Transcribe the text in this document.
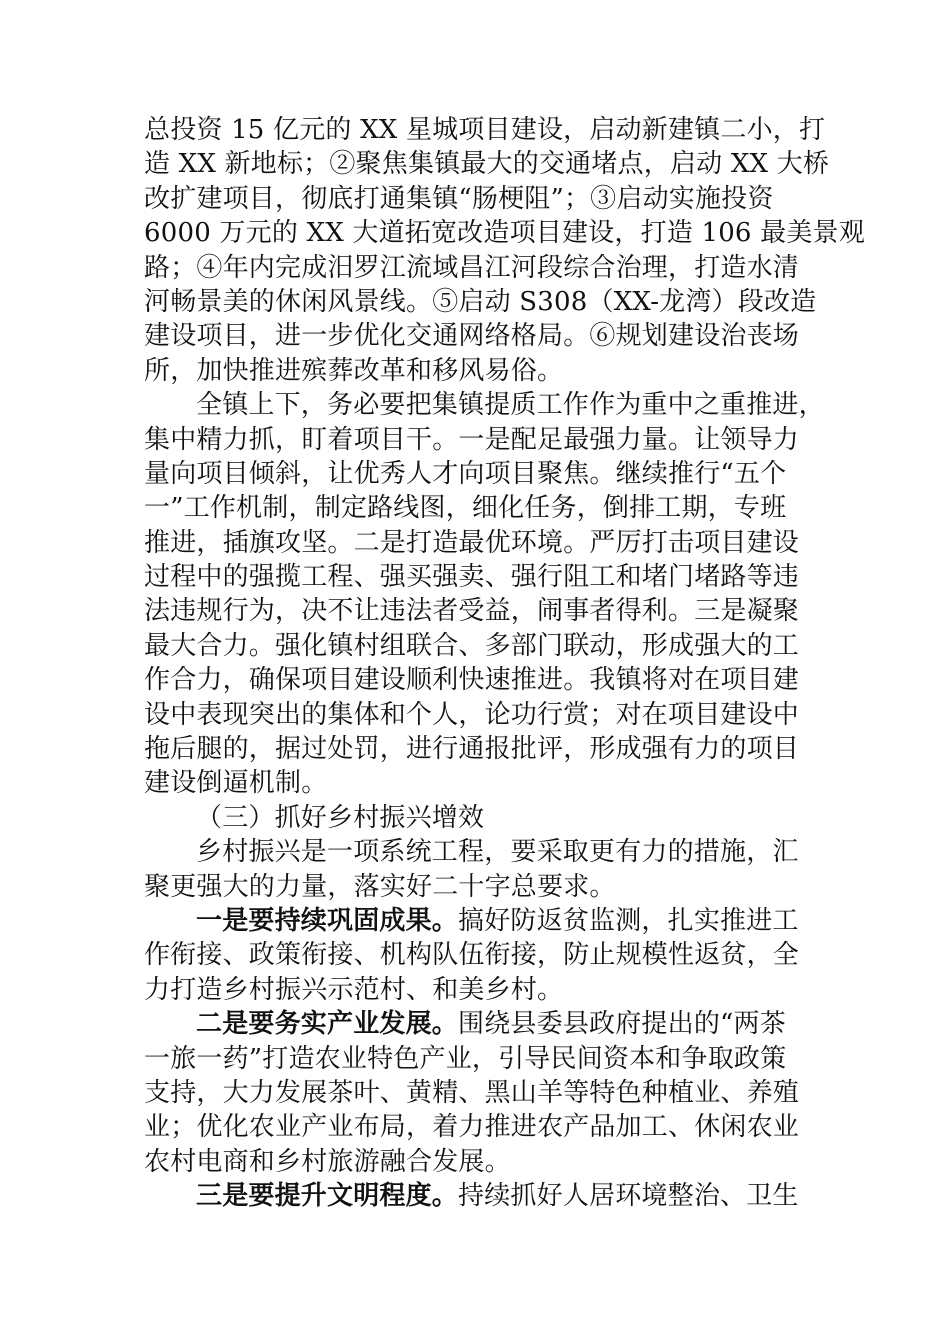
总投资 15 亿元的 XX 星城项目建设，启动新建镇二小，打
造 XX 新地标；②聚焦集镇最大的交通堵点，启动 XX 大桥
改扩建项目，彻底打通集镇“肠梗阻”；③启动实施投资
6000 万元的 XX 大道拓宽改造项目建设，打造 106 最美景观
路；④年内完成汨罗江流域昌江河段综合治理，打造水清
河畅景美的休闲风景线。⑤启动 S308（XX-龙湾）段改造
建设项目，进一步优化交通网络格局。⑥规划建设治丧场
所，加快推进殡葬改革和移风易俗。
全镇上下，务必要把集镇提质工作作为重中之重推进，
集中精力抓，盯着项目干。一是配足最强力量。让领导力
量向项目倾斜，让优秀人才向项目聚焦。继续推行“五个
一”工作机制，制定路线图，细化任务，倒排工期，专班
推进，插旗攻坚。二是打造最优环境。严厉打击项目建设
过程中的强揽工程、强买强卖、强行阻工和堵门堵路等违
法违规行为，决不让违法者受益，闹事者得利。三是凝聚
最大合力。强化镇村组联合、多部门联动，形成强大的工
作合力，确保项目建设顺利快速推进。我镇将对在项目建
设中表现突出的集体和个人，论功行赏；对在项目建设中
拖后腿的，据过处罚，进行通报批评，形成强有力的项目
建设倒逼机制。
（三）抓好乡村振兴增效
乡村振兴是一项系统工程，要采取更有力的措施，汇
聚更强大的力量，落实好二十字总要求。
一是要持续巩固成果。搞好防返贫监测，扎实推进工
作衔接、政策衔接、机构队伍衔接，防止规模性返贫，全
力打造乡村振兴示范村、和美乡村。
二是要务实产业发展。围绕县委县政府提出的“两茶
一旅一药”打造农业特色产业，引导民间资本和争取政策
支持，大力发展茶叶、黄精、黑山羊等特色种植业、养殖
业；优化农业产业布局，着力推进农产品加工、休闲农业
农村电商和乡村旅游融合发展。
三是要提升文明程度。持续抓好人居环境整治、卫生
